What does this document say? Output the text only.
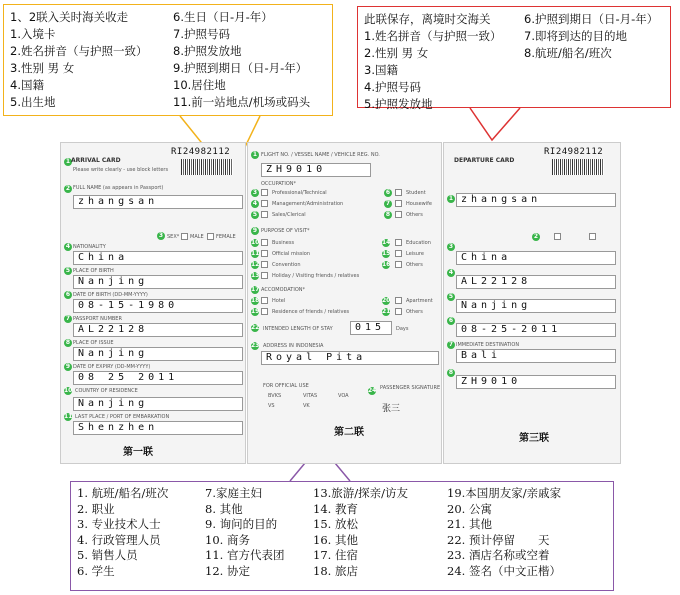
1、2联入关时海关收走
1.入境卡
2.姓名拼音（与护照一致）
3.性别 男 女
4.国籍
5.出生地
6.生日（日-月-年）
7.护照号码
8.护照发放地
9.护照到期日（日-月-年）
10.居住地
11.前一站地点/机场或码头
此联保存，离境时交海关
1.姓名拼音（与护照一致）
2.性别 男 女
3.国籍
4.护照号码
5.护照发放地
6.护照到期日（日-月-年）
7.即将到达的目的地
8.航班/船名/班次
1 ARRIVAL CARD
Please write clearly - use block letters
RI24982112
2 FULL NAME (as appears in Passport)
zhangsan
3 SEX* MALE FEMALE
4 NATIONALITY
China
5 PLACE OF BIRTH
Nanjing
6 DATE OF BIRTH (DD-MM-YYYY)
08-15-1980
7 PASSPORT NUMBER
AL22128
8 PLACE OF ISSUE
Nanjing
9 DATE OF EXPIRY (DD-MM-YYYY)
08 25 2011
10 COUNTRY OF RESIDENCE
Nanjing
11 LAST PLACE / PORT OF EMBARKATION
Shenzhen
第一联
1 FLIGHT NO. / VESSEL NAME / VEHICLE REG. NO.
ZH9010
OCCUPATION*
3	Professional/Technical
4	Management/Administration
5	Sales/Clerical
6	Student
7	Housewife
8	Others
9 PURPOSE OF VISIT*
10	Business
11	Official mission
12	Convention
13	Holiday / Visiting friends / relatives
14	Education
15	Leisure
16	Others
17 ACCOMODATION*
18	Hotel
19	Residence of friends / relatives
20	Apartment
21	Others
22 INTENDED LENGTH OF STAY	015	Days
23 ADDRESS IN INDONESIA
Royal Pita
FOR OFFICIAL USE
BVKS	VITAS	VOA
VS	VK
24 PASSENGER SIGNATURE
张三
第二联
DEPARTURE CARD
RI24982112
1 zhangsan
2
3
China
4
AL22128
5
Nanjing
6
08-25-2011
7 IMMEDIATE DESTINATION
Bali
8
ZH9010
第三联
1. 航班/船名/班次
2. 职业
3. 专业技术人士
4. 行政管理人员
5. 销售人员
6. 学生
7.家庭主妇
8. 其他
9. 询问的目的
10. 商务
11. 官方代表团
12. 协定
13.旅游/探亲/访友
14. 教育
15. 放松
16. 其他
17. 住宿
18. 旅店
19.本国朋友家/亲戚家
20. 公寓
21. 其他
22. 预计停留　　天
23. 酒店名称或空着
24. 签名（中文正楷）
